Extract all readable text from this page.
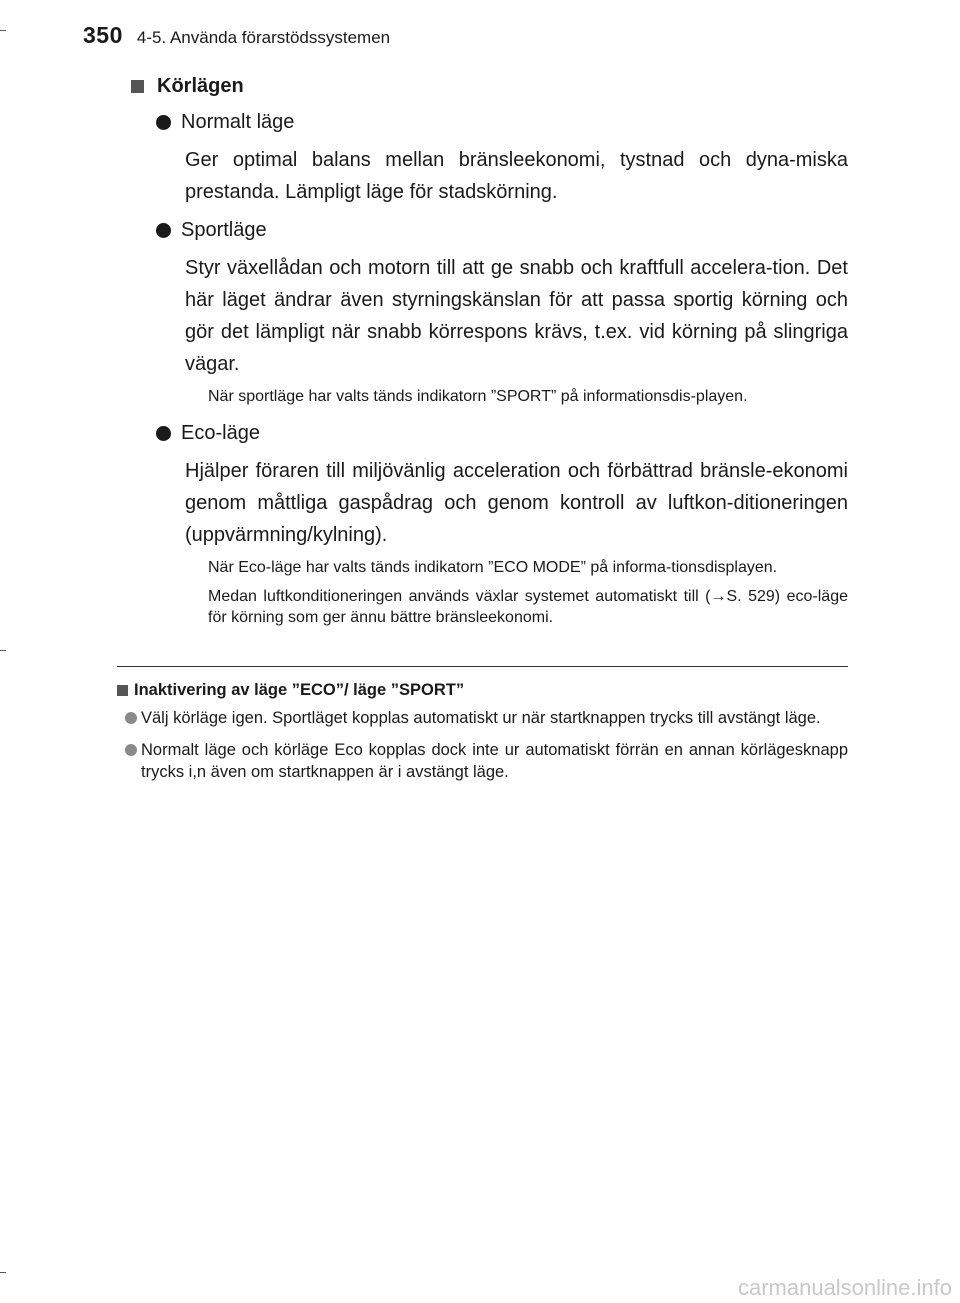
350 4-5. Använda förarstödssystemen
Körlägen
Normalt läge

Ger optimal balans mellan bränsleekonomi, tystnad och dyna-miska prestanda. Lämpligt läge för stadskörning.

Sportläge

Styr växellådan och motorn till att ge snabb och kraftfull accelera-tion. Det här läget ändrar även styrningskänslan för att passa sportig körning och gör det lämpligt när snabb körrespons krävs, t.ex. vid körning på slingriga vägar.

När sportläge har valts tänds indikatorn ”SPORT” på informationsdis-playen.

Eco-läge

Hjälper föraren till miljövänlig acceleration och förbättrad bränsle-ekonomi genom måttliga gaspådrag och genom kontroll av luftkon-ditioneringen (uppvärmning/kylning).

När Eco-läge har valts tänds indikatorn ”ECO MODE” på informa-tionsdisplayen.

Medan luftkonditioneringen används växlar systemet automatiskt till (→S. 529) eco-läge för körning som ger ännu bättre bränsleekonomi.

Inaktivering av läge ”ECO”/ läge ”SPORT”
Välj körläge igen. Sportläget kopplas automatiskt ur när startknappen trycks till avstängt läge.
Normalt läge och körläge Eco kopplas dock inte ur automatiskt förrän en annan körlägesknapp trycks i,n även om startknappen är i avstängt läge.
carmanualsonline.info
